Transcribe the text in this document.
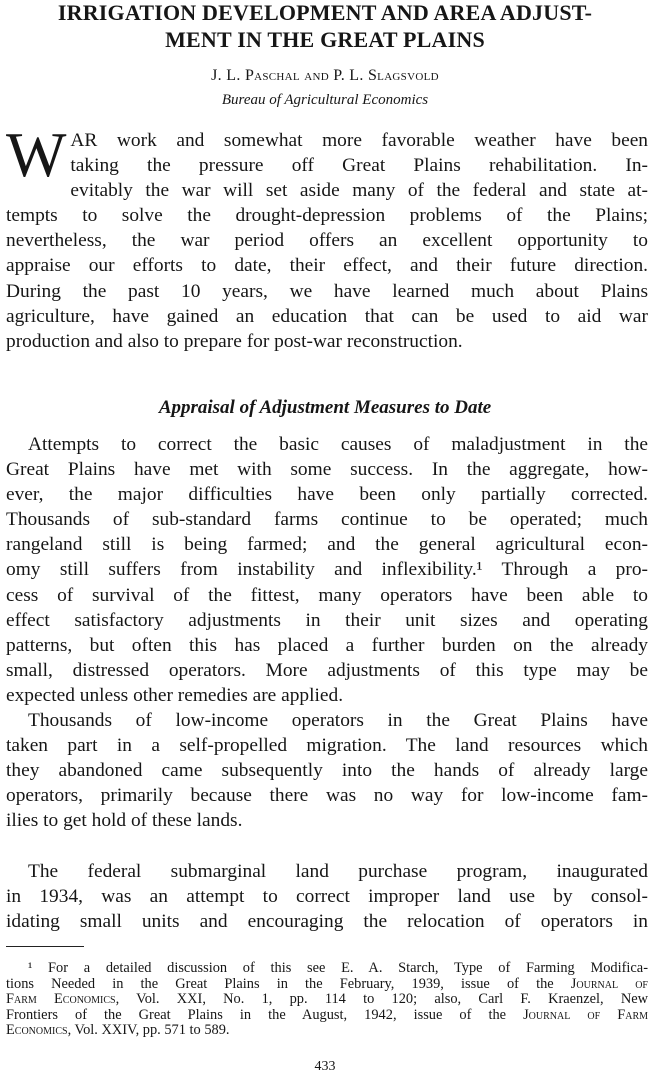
IRRIGATION DEVELOPMENT AND AREA ADJUST-
MENT IN THE GREAT PLAINS

J. L. Paschal and P. L. Slagsvold

Bureau of Agricultural Economics

W AR work and somewhat more favorable weather have been
taking the pressure off Great Plains rehabilitation. In-
evitably the war will set aside many of the federal and state at-
tempts to solve the drought-depression problems of the Plains;
nevertheless, the war period offers an excellent opportunity to
appraise our efforts to date, their effect, and their future direction.
During the past 10 years, we have learned much about Plains
agriculture, have gained an education that can be used to aid war
production and also to prepare for post-war reconstruction.
Appraisal of Adjustment Measures to Date
Attempts to correct the basic causes of maladjustment in the
Great Plains have met with some success. In the aggregate, how-
ever, the major difficulties have been only partially corrected.
Thousands of sub-standard farms continue to be operated; much
rangeland still is being farmed; and the general agricultural econ-
omy still suffers from instability and inflexibility.¹ Through a pro-
cess of survival of the fittest, many operators have been able to
effect satisfactory adjustments in their unit sizes and operating
patterns, but often this has placed a further burden on the already
small, distressed operators. More adjustments of this type may be
expected unless other remedies are applied.
Thousands of low-income operators in the Great Plains have
taken part in a self-propelled migration. The land resources which
they abandoned came subsequently into the hands of already large
operators, primarily because there was no way for low-income fam-
ilies to get hold of these lands.
The federal submarginal land purchase program, inaugurated
in 1934, was an attempt to correct improper land use by consol-
idating small units and encouraging the relocation of operators in
¹ For a detailed discussion of this see E. A. Starch, Type of Farming Modifica-
tions Needed in the Great Plains in the February, 1939, issue of the Journal of
Farm Economics, Vol. XXI, No. 1, pp. 114 to 120; also, Carl F. Kraenzel, New
Frontiers of the Great Plains in the August, 1942, issue of the Journal of Farm
Economics, Vol. XXIV, pp. 571 to 589.

433
